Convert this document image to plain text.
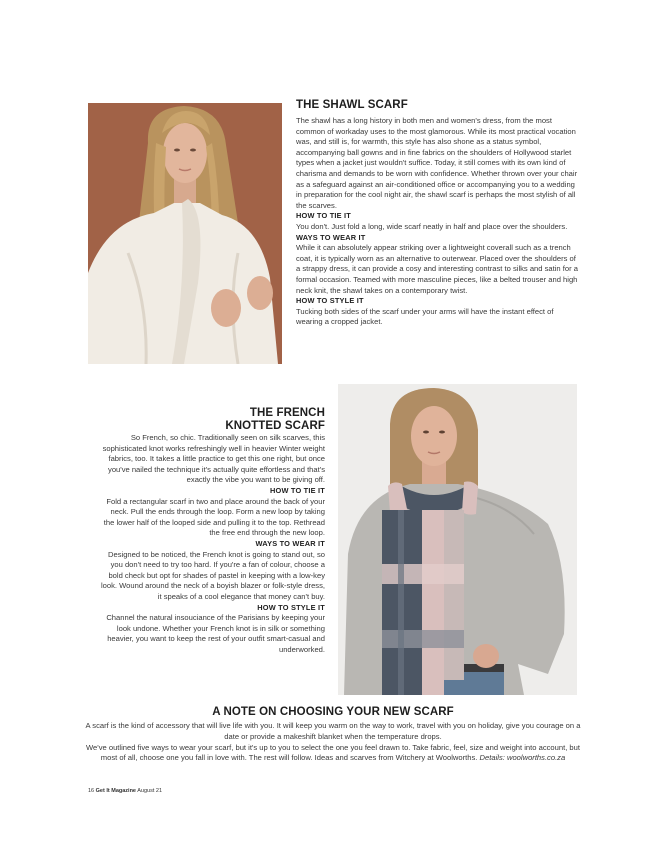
THE SHAWL SCARF

The shawl has a long history in both men and women's dress, from the most common of workaday uses to the most glamorous. While its most practical vocation was, and still is, for warmth, this style has also shone as a status symbol, accompanying ball gowns and in fine fabrics on the shoulders of Hollywood starlet types when a jacket just wouldn't suffice. Today, it still comes with its own kind of charisma and demands to be worn with confidence. Whether thrown over your chair as a safeguard against an air-conditioned office or accompanying you to a wedding in preparation for the cool night air, the shawl scarf is perhaps the most stylish of all the scarves.

HOW TO TIE IT

You don't. Just fold a long, wide scarf neatly in half and place over the shoulders.

WAYS TO WEAR IT

While it can absolutely appear striking over a lightweight coverall such as a trench coat, it is typically worn as an alternative to outerwear. Placed over the shoulders of a strappy dress, it can provide a cosy and interesting contrast to silks and satin for a formal occasion. Teamed with more masculine pieces, like a belted trouser and high neck knit, the shawl takes on a contemporary twist.

HOW TO STYLE IT

Tucking both sides of the scarf under your arms will have the instant effect of wearing a cropped jacket.

THE FRENCH
KNOTTED SCARF

So French, so chic. Traditionally seen on silk scarves, this sophisticated knot works refreshingly well in heavier Winter weight fabrics, too. It takes a little practice to get this one right, but once you've nailed the technique it's actually quite effortless and that's exactly the vibe you want to be giving off.

HOW TO TIE IT

Fold a rectangular scarf in two and place around the back of your neck. Pull the ends through the loop. Form a new loop by taking the lower half of the looped side and pulling it to the top. Rethread the free end through the new loop.

WAYS TO WEAR IT

Designed to be noticed, the French knot is going to stand out, so you don't need to try too hard. If you're a fan of colour, choose a bold check but opt for shades of pastel in keeping with a low-key look. Wound around the neck of a boyish blazer or folk-style dress, it speaks of a cool elegance that money can't buy.

HOW TO STYLE IT

Channel the natural insouciance of the Parisians by keeping your look undone. Whether your French knot is in silk or something heavier, you want to keep the rest of your outfit smart-casual and underworked.

A NOTE ON CHOOSING YOUR NEW SCARF

A scarf is the kind of accessory that will live life with you. It will keep you warm on the way to work, travel with you on holiday, give you courage on a date or provide a makeshift blanket when the temperature drops.

We've outlined five ways to wear your scarf, but it's up to you to select the one you feel drawn to. Take fabric, feel, size and weight into account, but most of all, choose one you fall in love with. The rest will follow. Ideas and scarves from Witchery at Woolworths. Details: woolworths.co.za

16 Get It Magazine August 21
